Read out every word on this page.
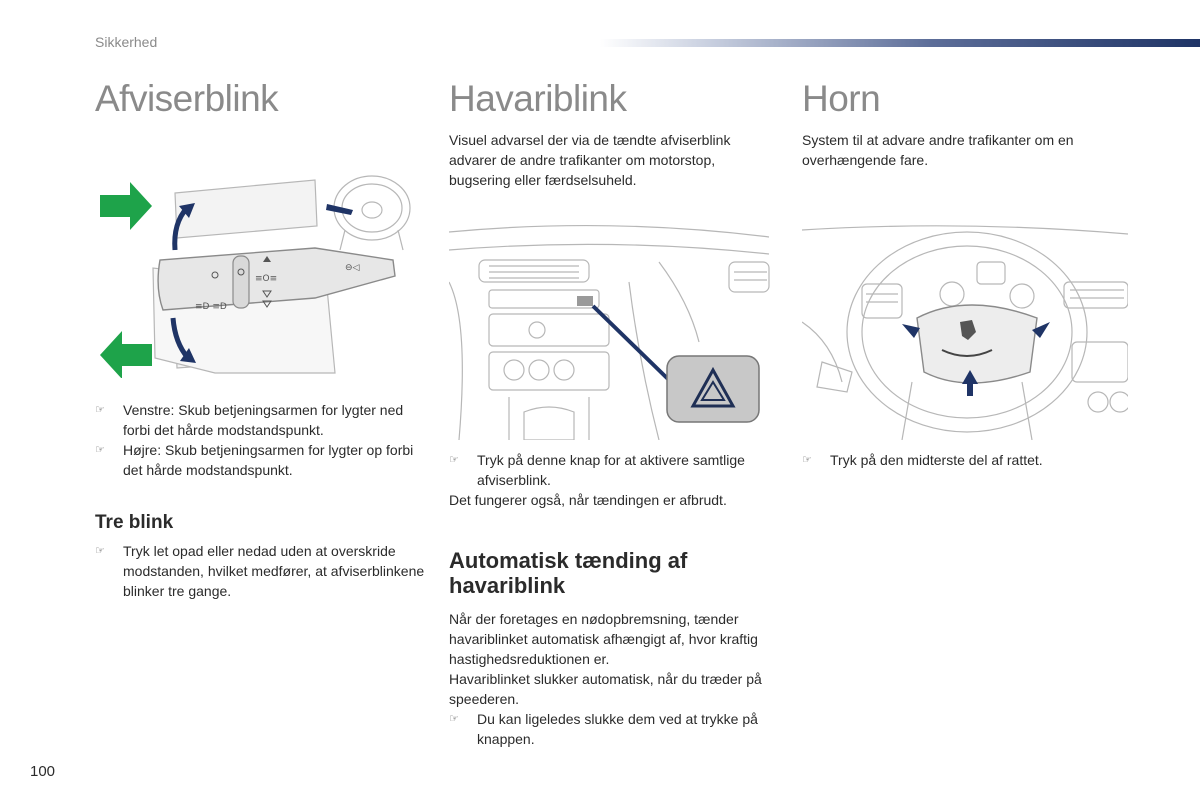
Sikkerhed
Afviserblink
≡O≡
≡D ≡D
⊖◁
☞ Venstre: Skub betjeningsarmen for lygter ned forbi det hårde modstandspunkt.
☞ Højre: Skub betjeningsarmen for lygter op forbi det hårde modstandspunkt.
Tre blink
☞ Tryk let opad eller nedad uden at overskride modstanden, hvilket medfører, at afviserblinkene blinker tre gange.
Havariblink

Visuel advarsel der via de tændte afviserblink advarer de andre trafikanter om motorstop, bugsering eller færdselsuheld.

☞ Tryk på denne knap for at aktivere samtlige afviserblink.

Det fungerer også, når tændingen er afbrudt.

Automatisk tænding af havariblink

Når der foretages en nødopbremsning, tænder havariblinket automatisk afhængigt af, hvor kraftig hastighedsreduktionen er.

Havariblinket slukker automatisk, når du træder på speederen.

☞ Du kan ligeledes slukke dem ved at trykke på knappen.
Horn

System til at advare andre trafikanter om en overhængende fare.

☞ Tryk på den midterste del af rattet.
100
